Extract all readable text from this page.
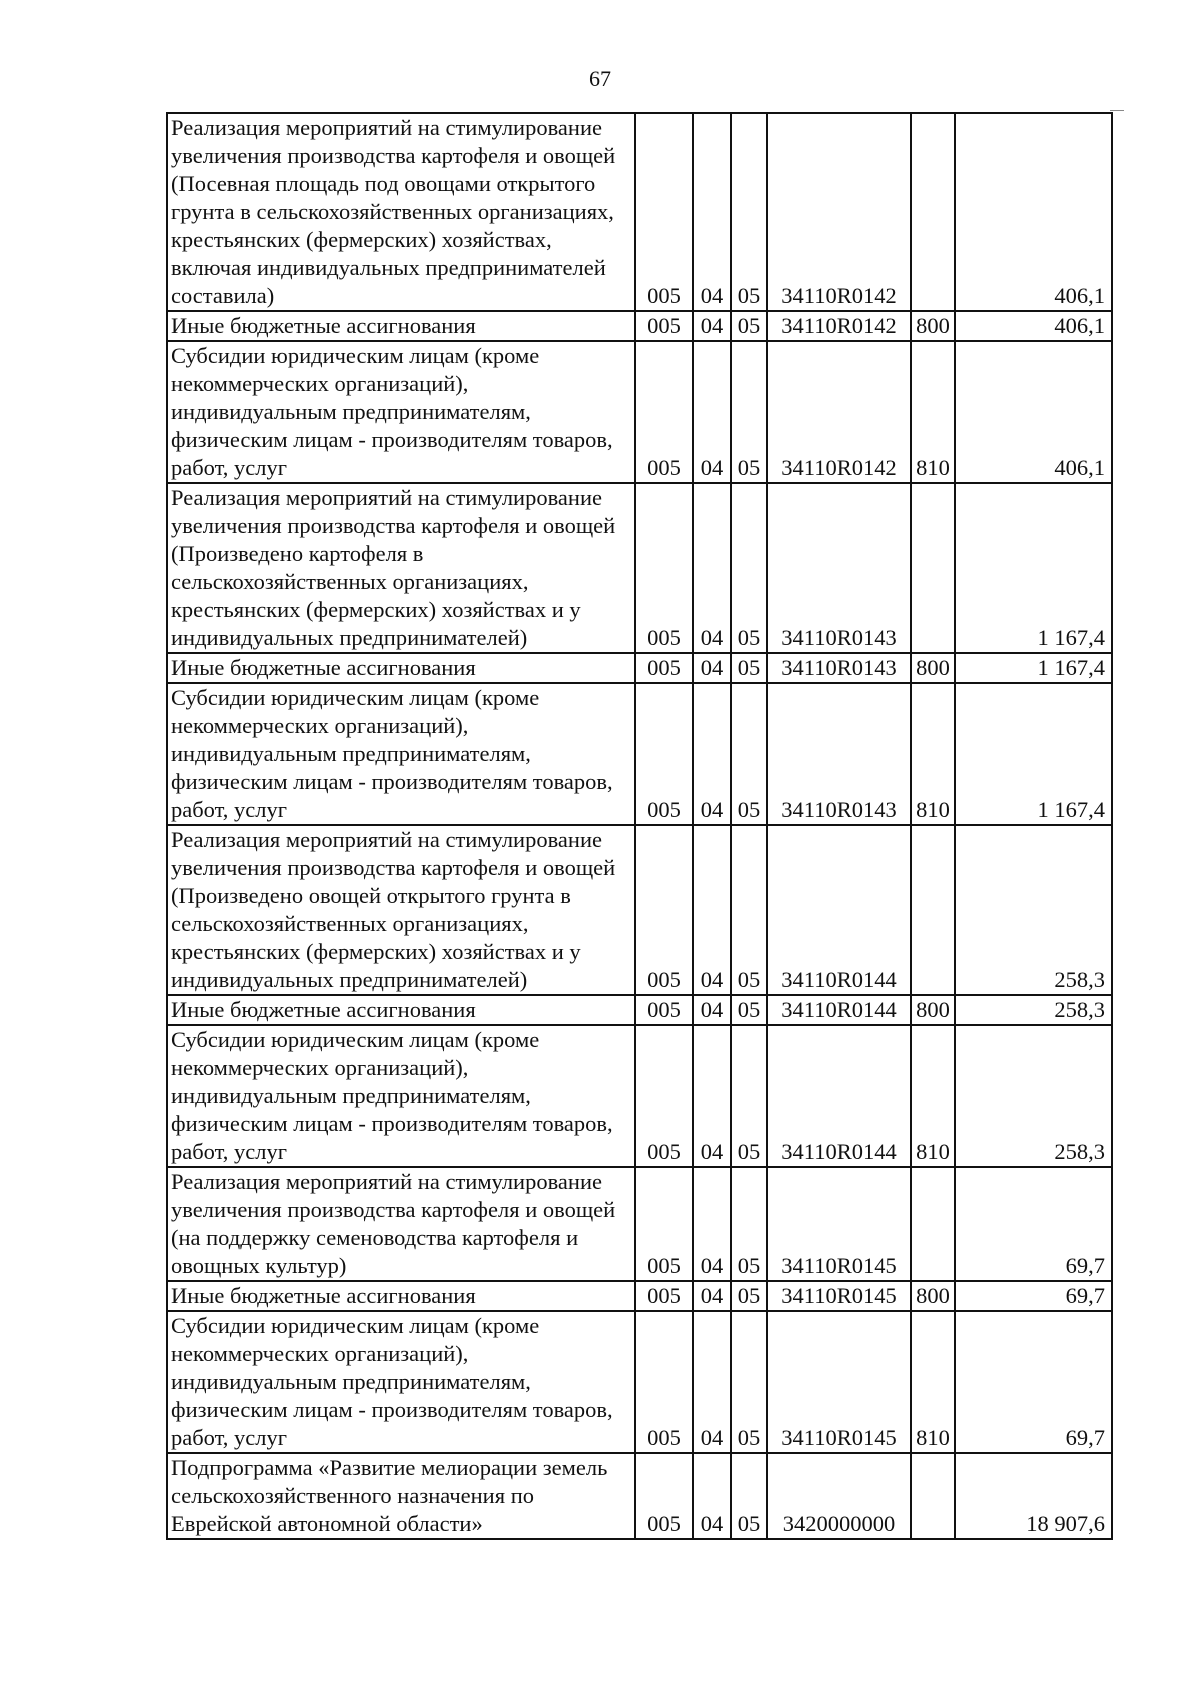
67
Реализация мероприятий на стимулирование увеличения производства картофеля и овощей (Посевная площадь под овощами открытого грунта в сельскохозяйственных организациях, крестьянских (фермерских) хозяйствах, включая индивидуальных предпринимателей составила)	005	04	05	34110R0142		406,1
Иные бюджетные ассигнования	005	04	05	34110R0142	800	406,1
Субсидии юридическим лицам (кроме некоммерческих организаций), индивидуальным предпринимателям, физическим лицам - производителям товаров, работ, услуг	005	04	05	34110R0142	810	406,1
Реализация мероприятий на стимулирование увеличения производства картофеля и овощей (Произведено картофеля в сельскохозяйственных организациях, крестьянских (фермерских) хозяйствах и у индивидуальных предпринимателей)	005	04	05	34110R0143		1 167,4
Иные бюджетные ассигнования	005	04	05	34110R0143	800	1 167,4
Субсидии юридическим лицам (кроме некоммерческих организаций), индивидуальным предпринимателям, физическим лицам - производителям товаров, работ, услуг	005	04	05	34110R0143	810	1 167,4
Реализация мероприятий на стимулирование увеличения производства картофеля и овощей (Произведено овощей открытого грунта в сельскохозяйственных организациях, крестьянских (фермерских) хозяйствах и у индивидуальных предпринимателей)	005	04	05	34110R0144		258,3
Иные бюджетные ассигнования	005	04	05	34110R0144	800	258,3
Субсидии юридическим лицам (кроме некоммерческих организаций), индивидуальным предпринимателям, физическим лицам - производителям товаров, работ, услуг	005	04	05	34110R0144	810	258,3
Реализация мероприятий на стимулирование увеличения производства картофеля и овощей (на поддержку семеноводства картофеля и овощных культур)	005	04	05	34110R0145		69,7
Иные бюджетные ассигнования	005	04	05	34110R0145	800	69,7
Субсидии юридическим лицам (кроме некоммерческих организаций), индивидуальным предпринимателям, физическим лицам - производителям товаров, работ, услуг	005	04	05	34110R0145	810	69,7
Подпрограмма «Развитие мелиорации земель сельскохозяйственного назначения по Еврейской автономной области»	005	04	05	3420000000		18 907,6
